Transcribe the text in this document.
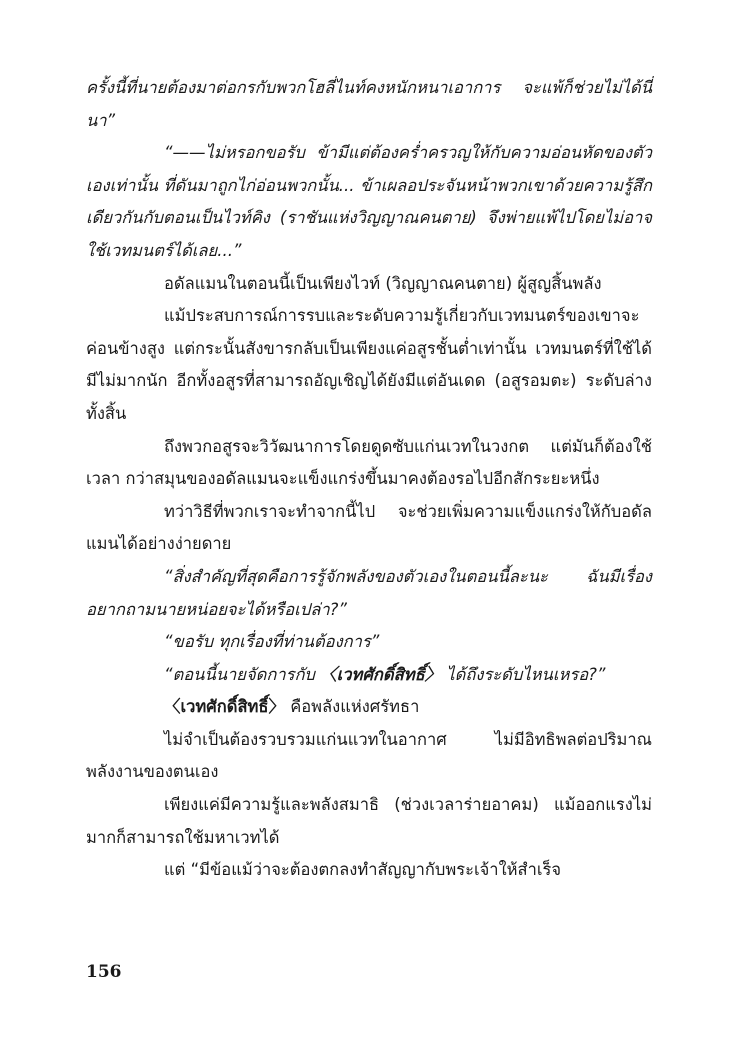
ครั้งนี้ที่นายต้องมาต่อกรกับพวกโฮลี่ไนท์คงหนักหนาเอาการ จะแพ้ก็ช่วยไม่ได้นี่นา”

“——ไม่หรอกขอรับ ข้ามีแต่ต้องคร่ำครวญให้กับความอ่อนหัดของตัวเองเท่านั้น ที่ดันมาถูกไก่อ่อนพวกนั้น... ข้าเผลอประจันหน้าพวกเขาด้วยความรู้สึกเดียวกันกับตอนเป็นไวท์คิง (ราชันแห่งวิญญาณคนตาย) จึงพ่ายแพ้ไปโดยไม่อาจใช้เวทมนตร์ได้เลย...”

อดัลแมนในตอนนี้เป็นเพียงไวท์ (วิญญาณคนตาย) ผู้สูญสิ้นพลัง

แม้ประสบการณ์การรบและระดับความรู้เกี่ยวกับเวทมนตร์ของเขาจะค่อนข้างสูง แต่กระนั้นสังขารกลับเป็นเพียงแค่อสูรชั้นต่ำเท่านั้น เวทมนตร์ที่ใช้ได้มีไม่มากนัก อีกทั้งอสูรที่สามารถอัญเชิญได้ยังมีแต่อันเดด (อสูรอมตะ) ระดับล่างทั้งสิ้น

ถึงพวกอสูรจะวิวัฒนาการโดยดูดซับแก่นเวทในวงกต แต่มันก็ต้องใช้เวลา กว่าสมุนของอดัลแมนจะแข็งแกร่งขึ้นมาคงต้องรอไปอีกสักระยะหนึ่ง

ทว่าวิธีที่พวกเราจะทำจากนี้ไป จะช่วยเพิ่มความแข็งแกร่งให้กับอดัลแมนได้อย่างง่ายดาย

“สิ่งสำคัญที่สุดคือการรู้จักพลังของตัวเองในตอนนี้ละนะ ฉันมีเรื่องอยากถามนายหน่อยจะได้หรือเปล่า?”

“ขอรับ ทุกเรื่องที่ท่านต้องการ”

“ตอนนี้นายจัดการกับ 〈เวทศักดิ์สิทธิ์〉 ได้ถึงระดับไหนเหรอ?”

〈เวทศักดิ์สิทธิ์〉 คือพลังแห่งศรัทธา

ไม่จำเป็นต้องรวบรวมแก่นแวทในอากาศ ไม่มีอิทธิพลต่อปริมาณพลังงานของตนเอง

เพียงแค่มีความรู้และพลังสมาธิ (ช่วงเวลาร่ายอาคม) แม้ออกแรงไม่มากก็สามารถใช้มหาเวทได้

แต่ “มีข้อแม้ว่าจะต้องตกลงทำสัญญากับพระเจ้าให้สำเร็จ

156
